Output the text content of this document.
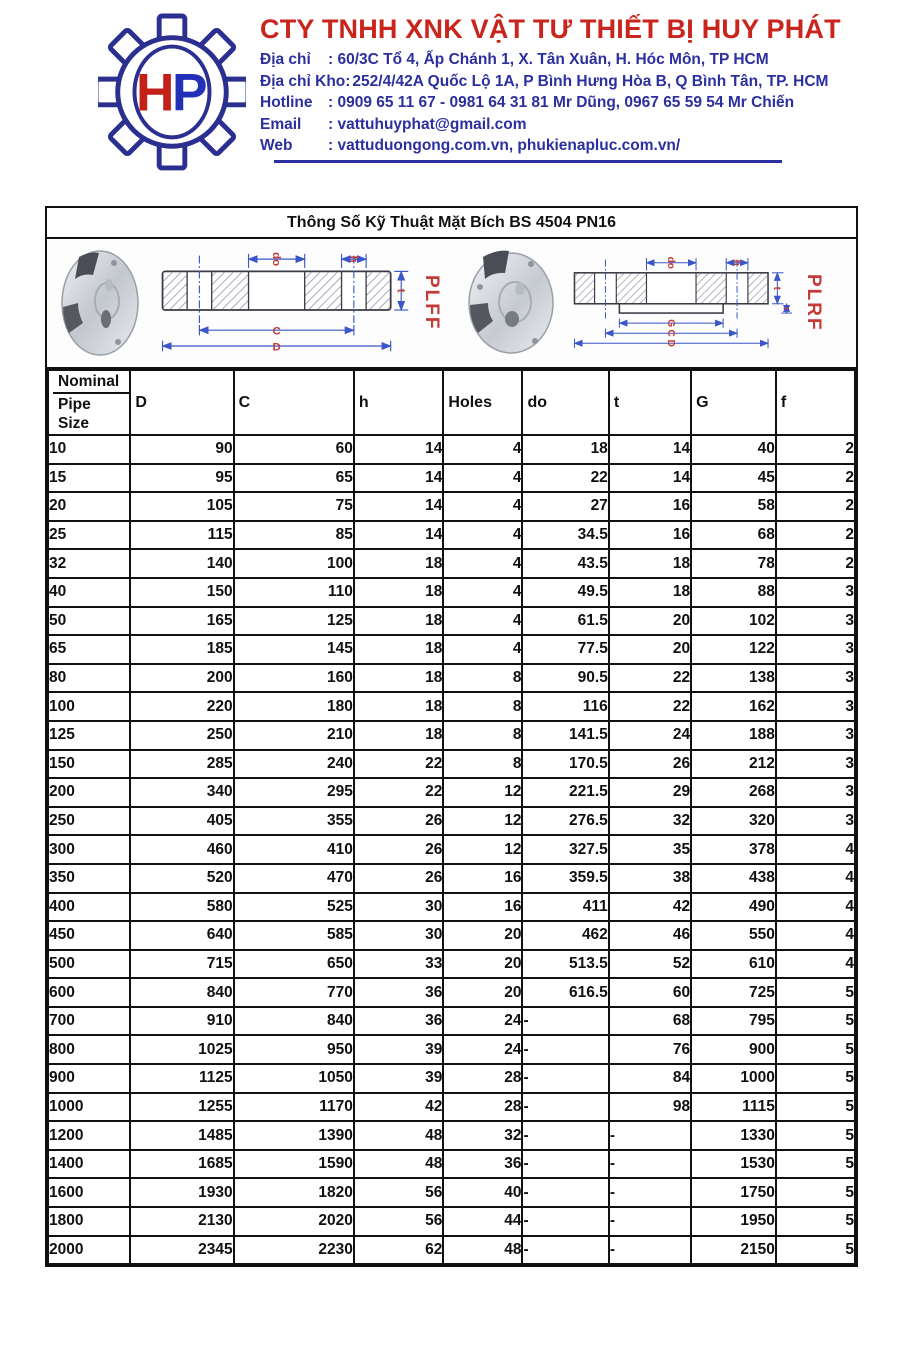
H
P
CTY TNHH XNK VẬT TƯ THIẾT BỊ HUY PHÁT
Địa chỉ	: 60/3C Tổ 4, Ấp Chánh 1, X. Tân Xuân, H. Hóc Môn, TP HCM
Địa chỉ Kho: 252/4/42A Quốc Lộ 1A, P Bình Hưng Hòa B, Q Bình Tân, TP. HCM
Hotline : 0909 65 11 67 - 0981 64 31 81 Mr Dũng, 0967 65 59 54 Mr Chiến
Email	: vattuhuyphat@gmail.com
Web	: vattuduongong.com.vn, phukienapluc.com.vn/
Thông Số Kỹ Thuật Mặt Bích BS 4504 PN16
do	h
t
C
D
PLFF
do	h
t
f
G
C
D
PLRF
Nominal
Pipe
Size	D	C	h	Holes	do	t	G	f
10	90	60	14	4	18	14	40	2
15	95	65	14	4	22	14	45	2
20	105	75	14	4	27	16	58	2
25	115	85	14	4	34.5	16	68	2
32	140	100	18	4	43.5	18	78	2
40	150	110	18	4	49.5	18	88	3
50	165	125	18	4	61.5	20	102	3
65	185	145	18	4	77.5	20	122	3
80	200	160	18	8	90.5	22	138	3
100	220	180	18	8	116	22	162	3
125	250	210	18	8	141.5	24	188	3
150	285	240	22	8	170.5	26	212	3
200	340	295	22	12	221.5	29	268	3
250	405	355	26	12	276.5	32	320	3
300	460	410	26	12	327.5	35	378	4
350	520	470	26	16	359.5	38	438	4
400	580	525	30	16	411	42	490	4
450	640	585	30	20	462	46	550	4
500	715	650	33	20	513.5	52	610	4
600	840	770	36	20	616.5	60	725	5
700	910	840	36	24	-	68	795	5
800	1025	950	39	24	-	76	900	5
900	1125	1050	39	28	-	84	1000	5
1000	1255	1170	42	28	-	98	1115	5
1200	1485	1390	48	32	-	-	1330	5
1400	1685	1590	48	36	-	-	1530	5
1600	1930	1820	56	40	-	-	1750	5
1800	2130	2020	56	44	-	-	1950	5
2000	2345	2230	62	48	-	-	2150	5
